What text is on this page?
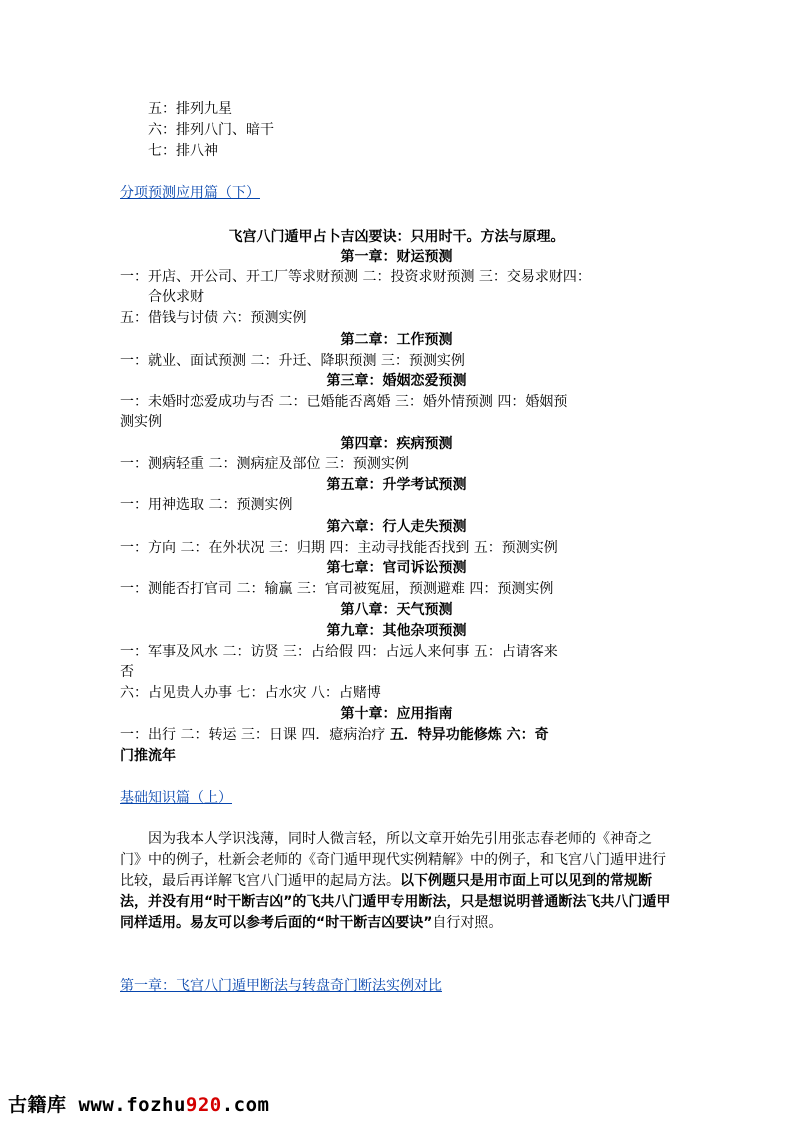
五：排列九星
六：排列八门、暗干
七：排八神
分项预测应用篇（下）
飞宫八门遁甲占卜吉凶要诀：只用时干。方法与原理。
第一章：财运预测
一：开店、开公司、开工厂等求财预测 二：投资求财预测 三：交易求财四：
合伙求财
五：借钱与讨债 六：预测实例
第二章：工作预测
一：就业、面试预测 二：升迁、降职预测 三：预测实例
第三章：婚姻恋爱预测
一：未婚时恋爱成功与否 二：已婚能否离婚 三：婚外情预测 四：婚姻预
测实例
第四章：疾病预测
一：测病轻重 二：测病症及部位 三：预测实例
第五章：升学考试预测
一：用神选取 二：预测实例
第六章：行人走失预测
一：方向 二：在外状况 三：归期 四：主动寻找能否找到 五：预测实例
第七章：官司诉讼预测
一：测能否打官司 二：输赢 三：官司被冤屈，预测避难 四：预测实例
第八章：天气预测
第九章：其他杂项预测
一：军事及风水 二：访贤 三：占给假 四：占远人来何事 五：占请客来
否
六：占见贵人办事 七：占水灾 八：占赌博
第十章：应用指南
一：出行 二：转运 三：日课 四．癔病治疗 五．特异功能修炼 六：奇
门推流年
基础知识篇（上）
因为我本人学识浅薄，同时人微言轻，所以文章开始先引用张志春老师的《神奇之门》中的例子，杜新会老师的《奇门遁甲现代实例精解》中的例子，和飞宫八门遁甲进行比较，最后再详解飞宫八门遁甲的起局方法。以下例题只是用市面上可以见到的常规断法，并没有用“时干断吉凶”的飞共八门遁甲专用断法，只是想说明普通断法飞共八门遁甲同样适用。易友可以参考后面的“时干断吉凶要诀”自行对照。
第一章：飞宫八门遁甲断法与转盘奇门断法实例对比
古籍库 www.fozhu920.com
